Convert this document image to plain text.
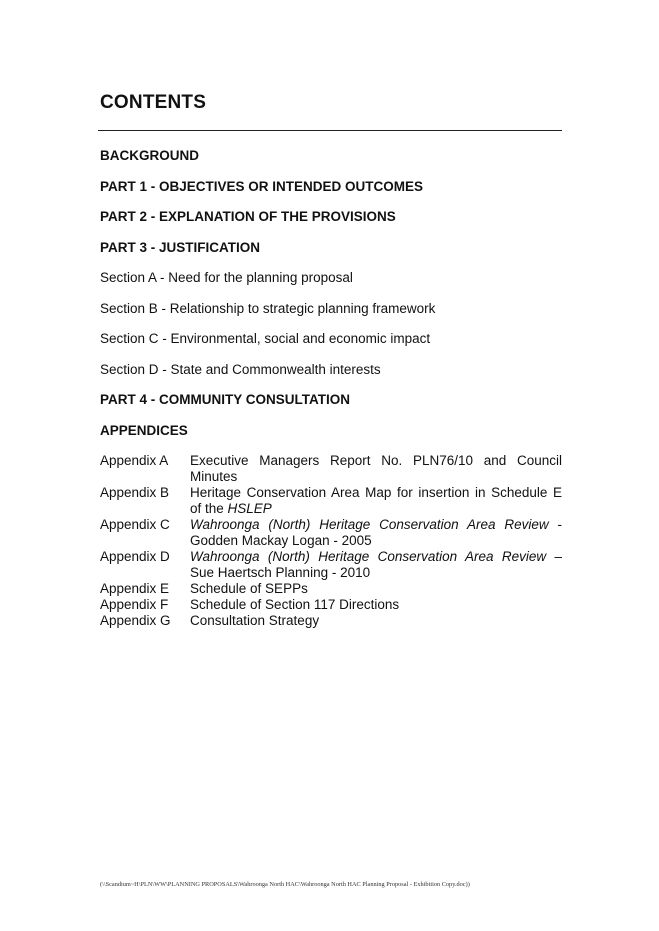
CONTENTS
BACKGROUND
PART 1 - OBJECTIVES OR INTENDED OUTCOMES
PART 2 - EXPLANATION OF THE PROVISIONS
PART 3 - JUSTIFICATION
Section A - Need for the planning proposal
Section B - Relationship to strategic planning framework
Section C - Environmental, social and economic impact
Section D - State and Commonwealth interests
PART 4 - COMMUNITY CONSULTATION
APPENDICES
Appendix A	Executive Managers Report No. PLN76/10 and Council Minutes
Appendix B	Heritage Conservation Area Map for insertion in Schedule E of the HSLEP
Appendix C	Wahroonga (North) Heritage Conservation Area Review - Godden Mackay Logan - 2005
Appendix D	Wahroonga (North) Heritage Conservation Area Review – Sue Haertsch Planning - 2010
Appendix E	Schedule of SEPPs
Appendix F	Schedule of Section 117 Directions
Appendix G	Consultation Strategy
(\\Scandium~H\PLN\WW\PLANNING PROPOSALS\Wahroonga North HAC\Wahroonga North HAC Planning Proposal - Exhibition Copy.doc))
